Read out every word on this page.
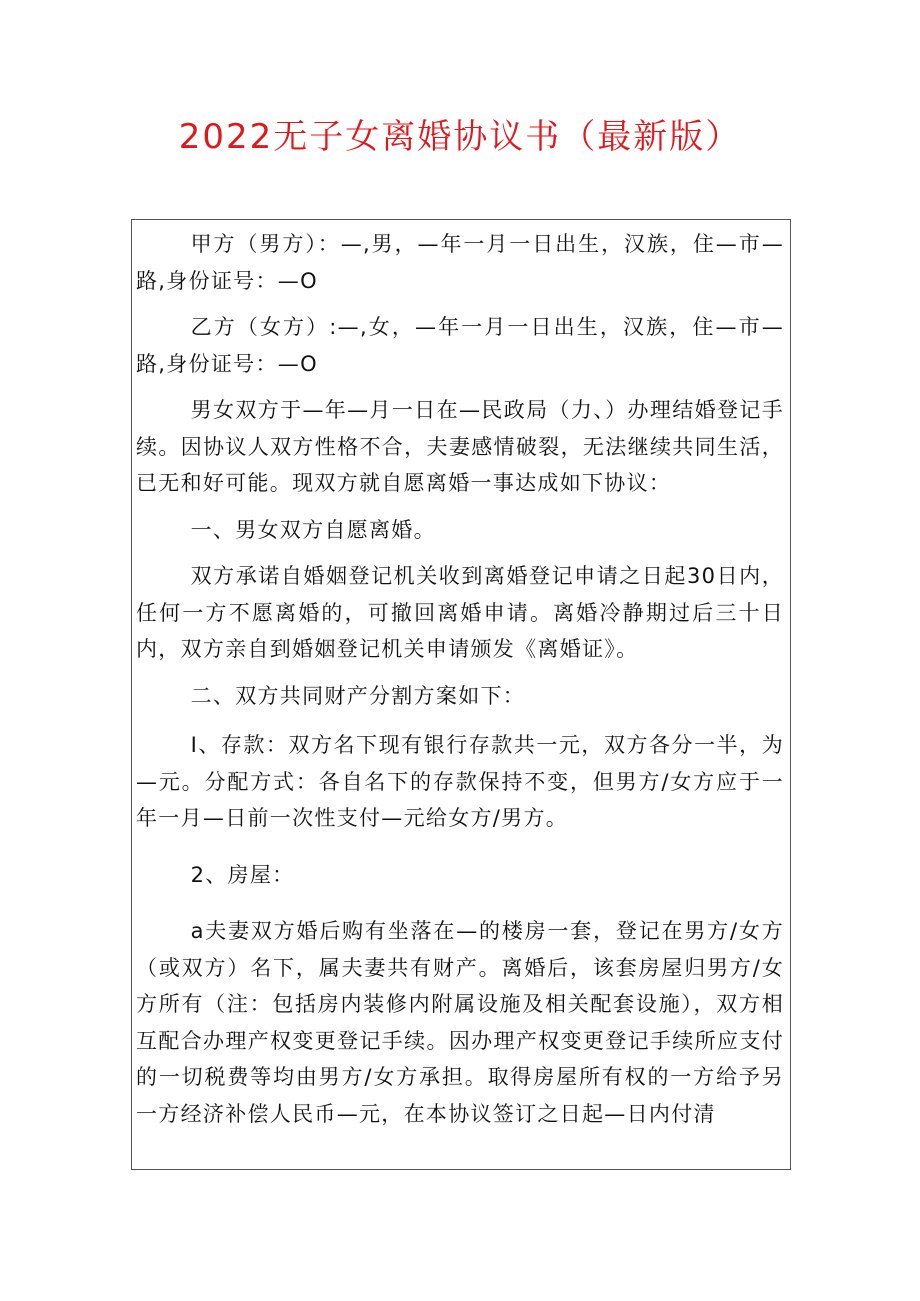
2022无子女离婚协议书（最新版）

甲方（男方）：—,男，—年一月一日出生，汉族，住—市—路,身份证号：—O

乙方（女方）:—,女，—年一月一日出生，汉族，住—市—路,身份证号：—O

男女双方于—年—月一日在—民政局（力、）办理结婚登记手续。因协议人双方性格不合，夫妻感情破裂，无法继续共同生活，已无和好可能。现双方就自愿离婚一事达成如下协议：

一、男女双方自愿离婚。

双方承诺自婚姻登记机关收到离婚登记申请之日起30日内，任何一方不愿离婚的，可撤回离婚申请。离婚冷静期过后三十日内，双方亲自到婚姻登记机关申请颁发《离婚证》。

二、双方共同财产分割方案如下：

I、存款：双方名下现有银行存款共一元，双方各分一半，为—元。分配方式：各自名下的存款保持不变，但男方/女方应于一年一月—日前一次性支付—元给女方/男方。

2、房屋：

a夫妻双方婚后购有坐落在—的楼房一套，登记在男方/女方（或双方）名下，属夫妻共有财产。离婚后，该套房屋归男方/女方所有（注：包括房内装修内附属设施及相关配套设施），双方相互配合办理产权变更登记手续。因办理产权变更登记手续所应支付的一切税费等均由男方/女方承担。取得房屋所有权的一方给予另一方经济补偿人民币—元，在本协议签订之日起—日内付清
